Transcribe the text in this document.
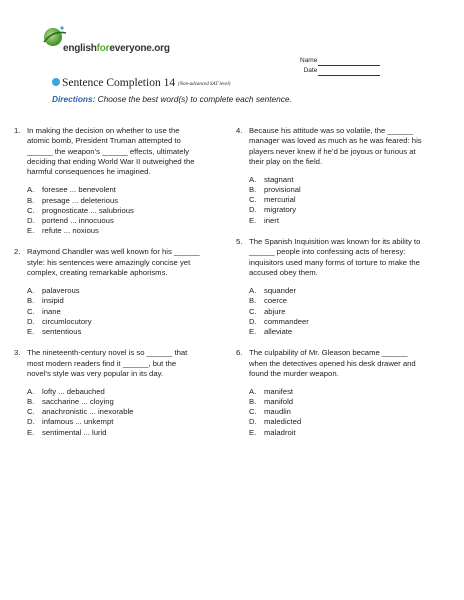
englishforeveryone.org
Name
Date
Sentence Completion 14 (Non-advanced SAT level)
Directions: Choose the best word(s) to complete each sentence.
1. In making the decision on whether to use the atomic bomb, President Truman attempted to ______ the weapon’s ______ effects, ultimately deciding that ending World War II outweighed the harmful consequences he imagined.
A. foresee ... benevolent
B. presage ... deleterious
C. prognosticate ... salubrious
D. portend ... innocuous
E. refute ... noxious
2. Raymond Chandler was well known for his ______ style: his sentences were amazingly concise yet complex, creating remarkable aphorisms.
A. palaverous
B. insipid
C. inane
D. circumlocutory
E. sententious
3. The nineteenth-century novel is so ______ that most modern readers find it ______, but the novel’s style was very popular in its day.
A. lofty ... debauched
B. saccharine ... cloying
C. anachronistic ... inexorable
D. infamous ... unkempt
E. sentimental ... lurid
4. Because his attitude was so volatile, the ______ manager was loved as much as he was feared: his players never knew if he’d be joyous or furious at their play on the field.
A. stagnant
B. provisional
C. mercurial
D. migratory
E. inert
5. The Spanish Inquisition was known for its ability to ______ people into confessing acts of heresy: inquisitors used many forms of torture to make the accused obey them.
A. squander
B. coerce
C. abjure
D. commandeer
E. alleviate
6. The culpability of Mr. Gleason became ______ when the detectives opened his desk drawer and found the murder weapon.
A. manifest
B. manifold
C. maudlin
D. maledicted
E. maladroit
